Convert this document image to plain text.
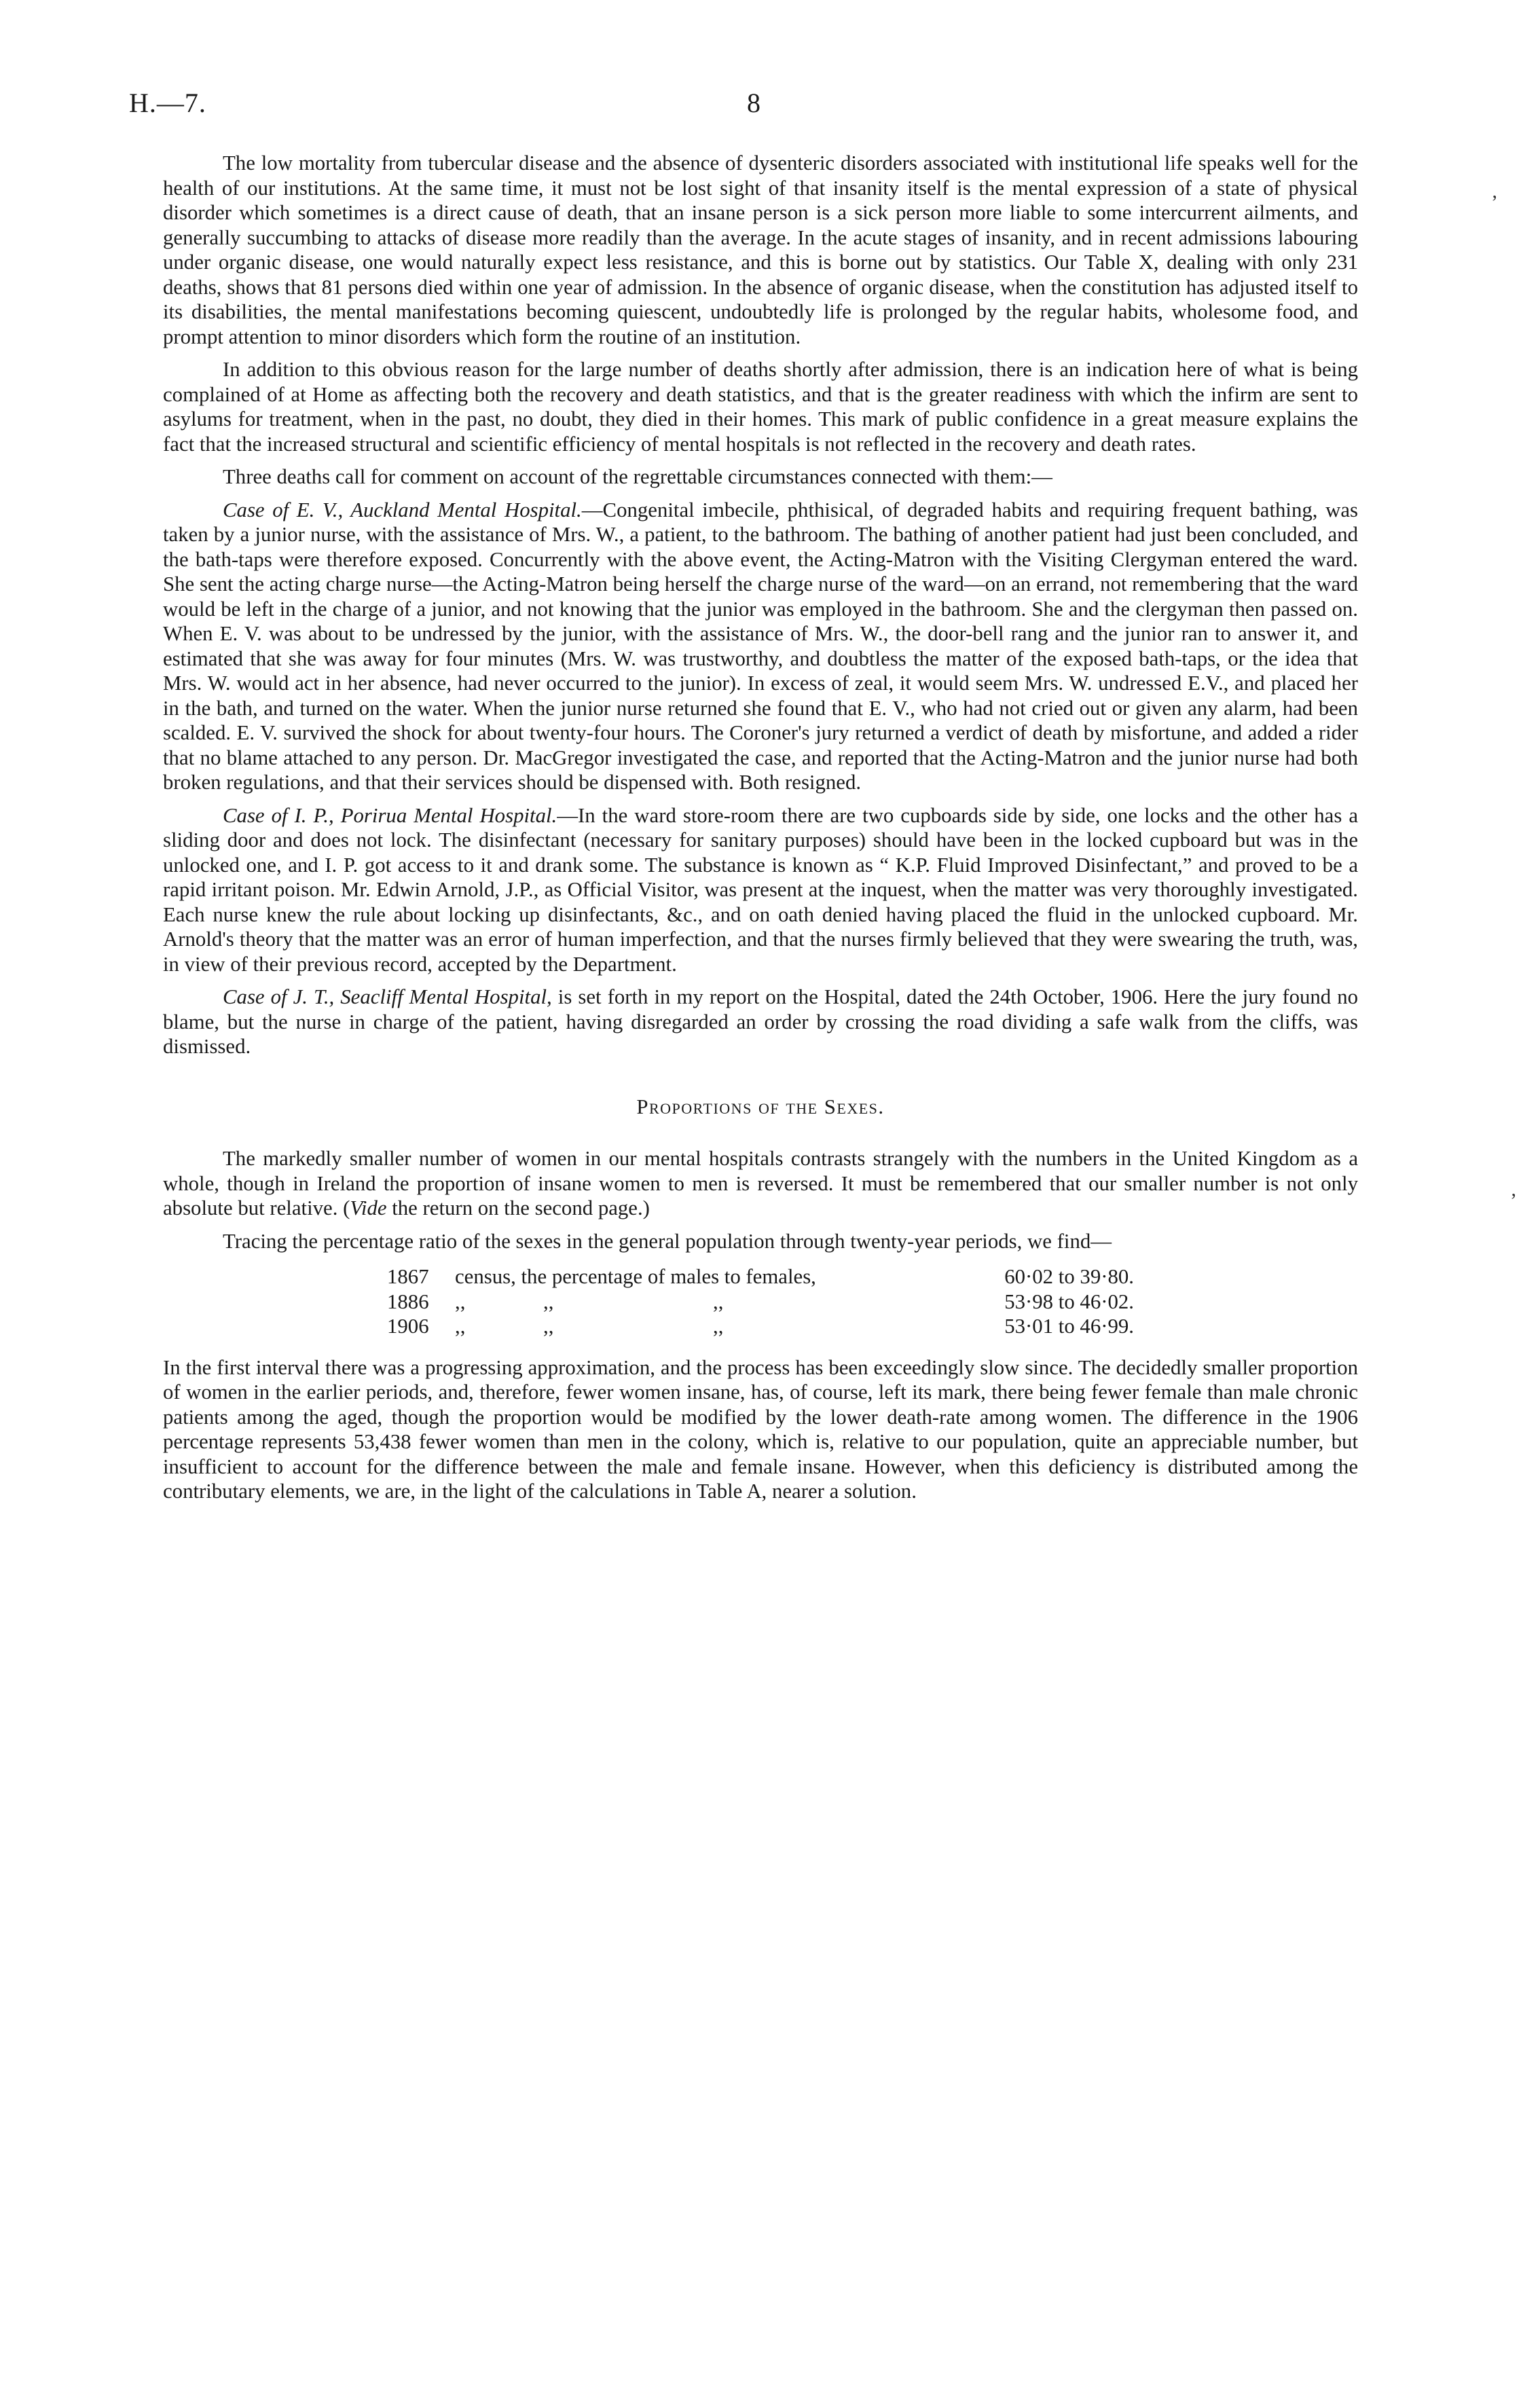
H.—7.	8
ʼ
ʼ

The low mortality from tubercular disease and the absence of dysenteric disorders associated with institutional life speaks well for the health of our institutions. At the same time, it must not be lost sight of that insanity itself is the mental expression of a state of physical disorder which sometimes is a direct cause of death, that an insane person is a sick person more liable to some intercurrent ailments, and generally succumbing to attacks of disease more readily than the average. In the acute stages of insanity, and in recent admissions labouring under organic disease, one would naturally expect less resistance, and this is borne out by statistics. Our Table X, dealing with only 231 deaths, shows that 81 persons died within one year of admission. In the absence of organic disease, when the constitution has adjusted itself to its disabilities, the mental manifestations becoming quiescent, undoubtedly life is prolonged by the regular habits, wholesome food, and prompt attention to minor disorders which form the routine of an institution.

In addition to this obvious reason for the large number of deaths shortly after admission, there is an indication here of what is being complained of at Home as affecting both the recovery and death statistics, and that is the greater readiness with which the infirm are sent to asylums for treatment, when in the past, no doubt, they died in their homes. This mark of public confidence in a great measure explains the fact that the increased structural and scientific efficiency of mental hospitals is not reflected in the recovery and death rates.

Three deaths call for comment on account of the regrettable circumstances connected with them:—

Case of E. V., Auckland Mental Hospital.—Congenital imbecile, phthisical, of degraded habits and requiring frequent bathing, was taken by a junior nurse, with the assistance of Mrs. W., a patient, to the bathroom. The bathing of another patient had just been concluded, and the bath-taps were therefore exposed. Concurrently with the above event, the Acting-Matron with the Visiting Clergyman entered the ward. She sent the acting charge nurse—the Acting-Matron being herself the charge nurse of the ward—on an errand, not remembering that the ward would be left in the charge of a junior, and not knowing that the junior was employed in the bathroom. She and the clergyman then passed on. When E. V. was about to be undressed by the junior, with the assistance of Mrs. W., the door-bell rang and the junior ran to answer it, and estimated that she was away for four minutes (Mrs. W. was trustworthy, and doubtless the matter of the exposed bath-taps, or the idea that Mrs. W. would act in her absence, had never occurred to the junior). In excess of zeal, it would seem Mrs. W. undressed E.V., and placed her in the bath, and turned on the water. When the junior nurse returned she found that E. V., who had not cried out or given any alarm, had been scalded. E. V. survived the shock for about twenty-four hours. The Coroner's jury returned a verdict of death by misfortune, and added a rider that no blame attached to any person. Dr. MacGregor investigated the case, and reported that the Acting-Matron and the junior nurse had both broken regulations, and that their services should be dispensed with. Both resigned.

Case of I. P., Porirua Mental Hospital.—In the ward store-room there are two cupboards side by side, one locks and the other has a sliding door and does not lock. The disinfectant (necessary for sanitary purposes) should have been in the locked cupboard but was in the unlocked one, and I. P. got access to it and drank some. The substance is known as “ K.P. Fluid Improved Disinfectant,” and proved to be a rapid irritant poison. Mr. Edwin Arnold, J.P., as Official Visitor, was present at the inquest, when the matter was very thoroughly investigated. Each nurse knew the rule about locking up disinfectants, &c., and on oath denied having placed the fluid in the unlocked cupboard. Mr. Arnold's theory that the matter was an error of human imperfection, and that the nurses firmly believed that they were swearing the truth, was, in view of their previous record, accepted by the Department.

Case of J. T., Seacliff Mental Hospital, is set forth in my report on the Hospital, dated the 24th October, 1906. Here the jury found no blame, but the nurse in charge of the patient, having disregarded an order by crossing the road dividing a safe walk from the cliffs, was dismissed.

Proportions of the Sexes.

The markedly smaller number of women in our mental hospitals contrasts strangely with the numbers in the United Kingdom as a whole, though in Ireland the proportion of insane women to men is reversed. It must be remembered that our smaller number is not only absolute but relative. (Vide the return on the second page.)

Tracing the percentage ratio of the sexes in the general population through twenty-year periods, we find—

1867	census, the percentage of males to females,			60·02 to 39·80.
1886	,,	,,	,,	53·98 to 46·02.
1906	,,	,,	,,	53·01 to 46·99.

In the first interval there was a progressing approximation, and the process has been exceedingly slow since. The decidedly smaller proportion of women in the earlier periods, and, therefore, fewer women insane, has, of course, left its mark, there being fewer female than male chronic patients among the aged, though the proportion would be modified by the lower death-rate among women. The difference in the 1906 percentage represents 53,438 fewer women than men in the colony, which is, relative to our population, quite an appreciable number, but insufficient to account for the difference between the male and female insane. However, when this deficiency is distributed among the contributary elements, we are, in the light of the calculations in Table A, nearer a solution.
